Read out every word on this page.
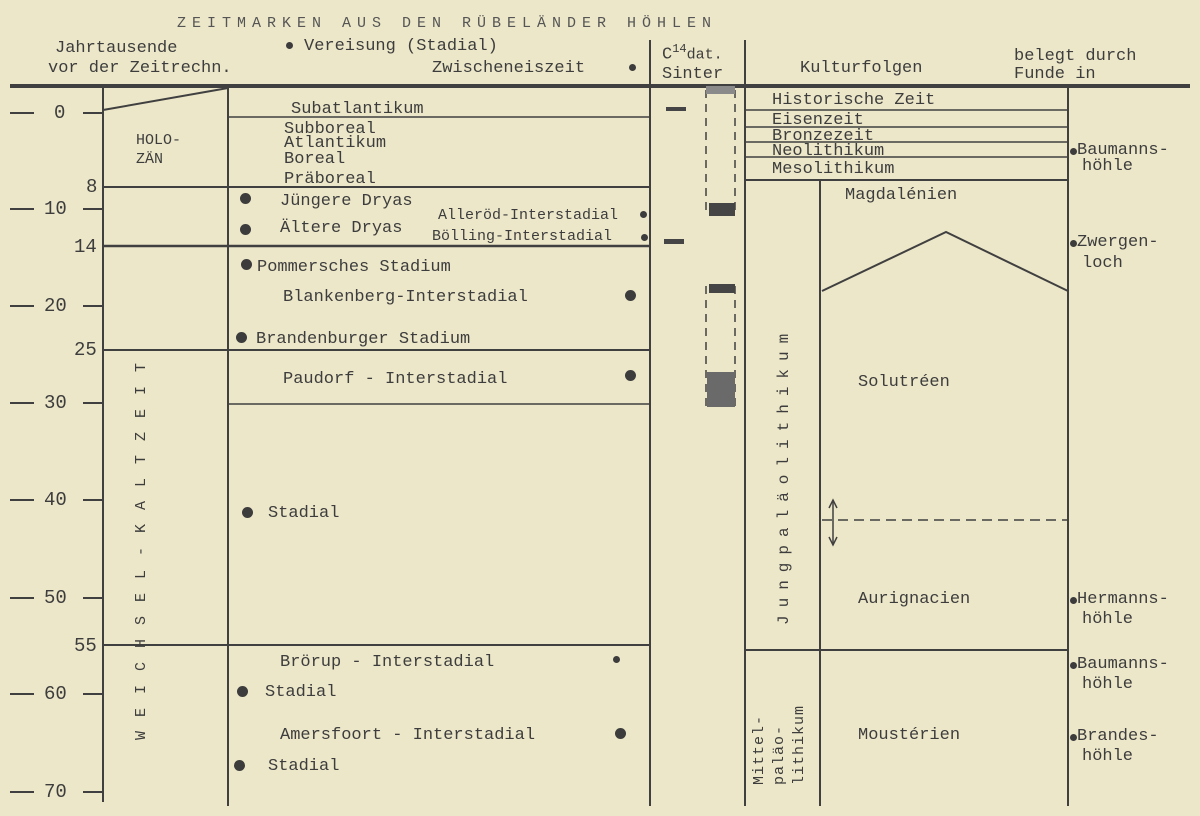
ZEITMARKEN AUS DEN RÜBELÄNDER HÖHLEN
Jahrtausende
vor der Zeitrechn.
Vereisung (Stadial)
Zwischeneiszeit
$C^{14}dat$.
Sinter	Kulturfolgen
belegt durch
Funde in
0
10
20
30
40
50
60
70
8
14
25
55
HOLO-
ZÄN
WEICHSEL-KALTZEIT
Subatlantikum
Subboreal
Atlantikum
Boreal
Präboreal
Jüngere Dryas
Alleröd-Interstadial
Ältere Dryas Bölling-Interstadial
Pommersches Stadium
Blankenberg-Interstadial
Brandenburger Stadium
Paudorf - Interstadial
Stadial
Brörup - Interstadial
Stadial
Amersfoort - Interstadial
Stadial
Historische Zeit
Eisenzeit
Bronzezeit
Neolithikum
Mesolithikum
Jungpaläolithikum
Magdalénien
Solutréen
Aurignacien
Mittel- paläo- lithikum	Moustérien
Baumanns-
höhle
Zwergen-
loch
Hermanns-
höhle
Baumanns-
höhle
Brandes-
höhle
